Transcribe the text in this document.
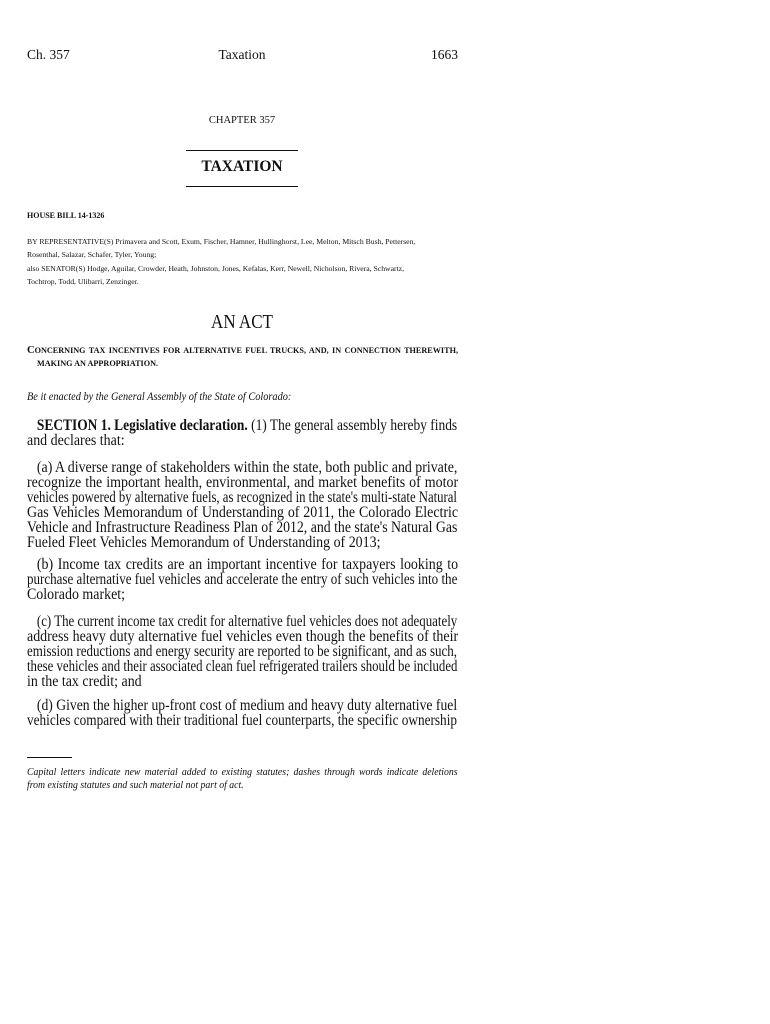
Ch. 357	Taxation	1663
CHAPTER 357
TAXATION
HOUSE BILL 14-1326
BY REPRESENTATIVE(S) Primavera and Scott, Exum, Fischer, Hamner, Hullinghorst, Lee, Melton, Mitsch Bush, Pettersen,
Rosenthal, Salazar, Schafer, Tyler, Young;
also SENATOR(S) Hodge, Aguilar, Crowder, Heath, Johnston, Jones, Kefalas, Kerr, Newell, Nicholson, Rivera, Schwartz,
Tochtrop, Todd, Ulibarri, Zenzinger.
AN ACT
CONCERNING TAX INCENTIVES FOR ALTERNATIVE FUEL TRUCKS, AND, IN CONNECTION THEREWITH,
MAKING AN APPROPRIATION.
Be it enacted by the General Assembly of the State of Colorado:
SECTION 1. Legislative declaration. (1) The general assembly hereby finds
and declares that:
(a) A diverse range of stakeholders within the state, both public and private,
recognize the important health, environmental, and market benefits of motor
vehicles powered by alternative fuels, as recognized in the state's multi-state Natural
Gas Vehicles Memorandum of Understanding of 2011, the Colorado Electric
Vehicle and Infrastructure Readiness Plan of 2012, and the state's Natural Gas
Fueled Fleet Vehicles Memorandum of Understanding of 2013;
(b) Income tax credits are an important incentive for taxpayers looking to
purchase alternative fuel vehicles and accelerate the entry of such vehicles into the
Colorado market;
(c) The current income tax credit for alternative fuel vehicles does not adequately
address heavy duty alternative fuel vehicles even though the benefits of their
emission reductions and energy security are reported to be significant, and as such,
these vehicles and their associated clean fuel refrigerated trailers should be included
in the tax credit; and
(d) Given the higher up-front cost of medium and heavy duty alternative fuel
vehicles compared with their traditional fuel counterparts, the specific ownership
Capital letters indicate new material added to existing statutes; dashes through words indicate deletions
from existing statutes and such material not part of act.
